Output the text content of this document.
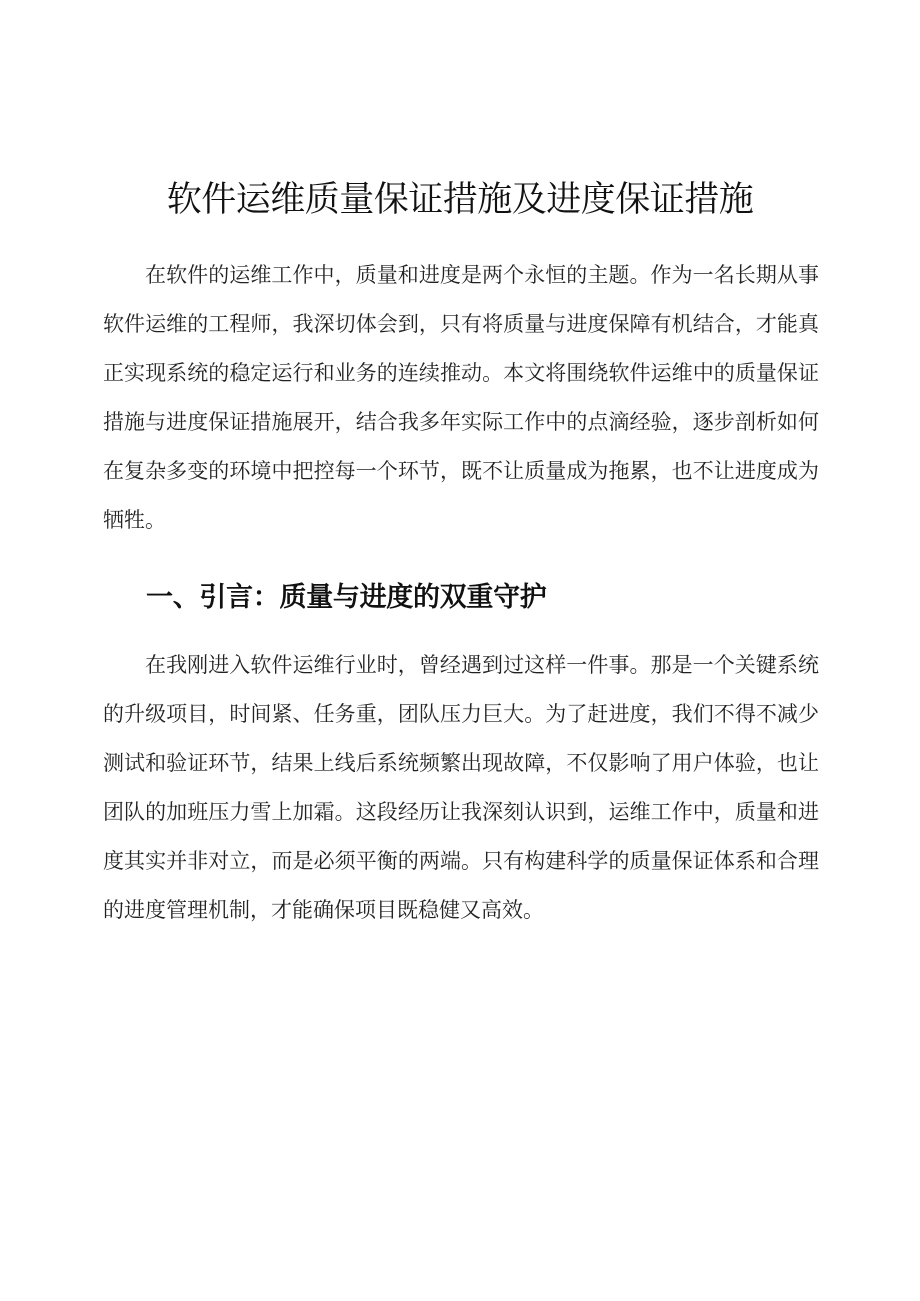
软件运维质量保证措施及进度保证措施

在软件的运维工作中，质量和进度是两个永恒的主题。作为一名长期从事软件运维的工程师，我深切体会到，只有将质量与进度保障有机结合，才能真正实现系统的稳定运行和业务的连续推动。本文将围绕软件运维中的质量保证措施与进度保证措施展开，结合我多年实际工作中的点滴经验，逐步剖析如何在复杂多变的环境中把控每一个环节，既不让质量成为拖累，也不让进度成为牺牲。

一、引言：质量与进度的双重守护

在我刚进入软件运维行业时，曾经遇到过这样一件事。那是一个关键系统的升级项目，时间紧、任务重，团队压力巨大。为了赶进度，我们不得不减少测试和验证环节，结果上线后系统频繁出现故障，不仅影响了用户体验，也让团队的加班压力雪上加霜。这段经历让我深刻认识到，运维工作中，质量和进度其实并非对立，而是必须平衡的两端。只有构建科学的质量保证体系和合理的进度管理机制，才能确保项目既稳健又高效。
